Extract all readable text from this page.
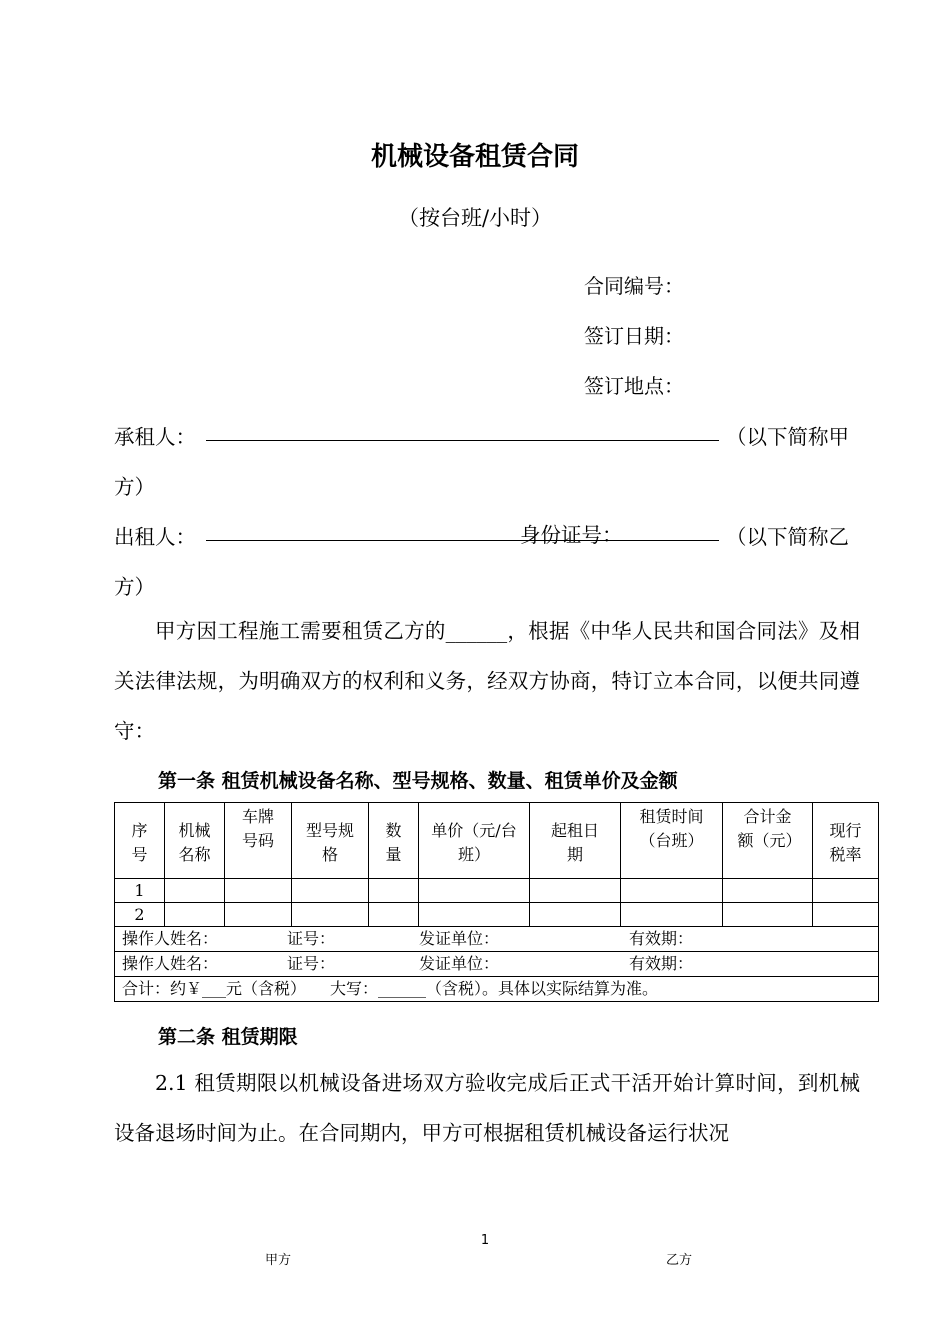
机械设备租赁合同
（按台班/小时）
合同编号：
签订日期：
签订地点：
承租人：	（以下简称甲
方）
出租人：	身份证号：	（以下简称乙
方）
甲方因工程施工需要租赁乙方的______，根据《中华人民共和国合同法》及相关法律法规，为明确双方的权利和义务，经双方协商，特订立本合同，以便共同遵守：
第一条 租赁机械设备名称、型号规格、数量、租赁单价及金额
序号	机械名称	车牌号码	型号规格	数量	单价（元/台班）	起租日期	租赁时间（台班）	合计金额（元）	现行税率

1									
2									
操作人姓名： 证号： 发证单位： 有效期：									
操作人姓名： 证号： 发证单位： 有效期：									
合计：约￥___元（含税）　　大写：______（含税）。具体以实际结算为准。									
第二条 租赁期限
2.1 租赁期限以机械设备进场双方验收完成后正式干活开始计算时间，到机械设备退场时间为止。在合同期内，甲方可根据租赁机械设备运行状况
1
甲方	乙方
